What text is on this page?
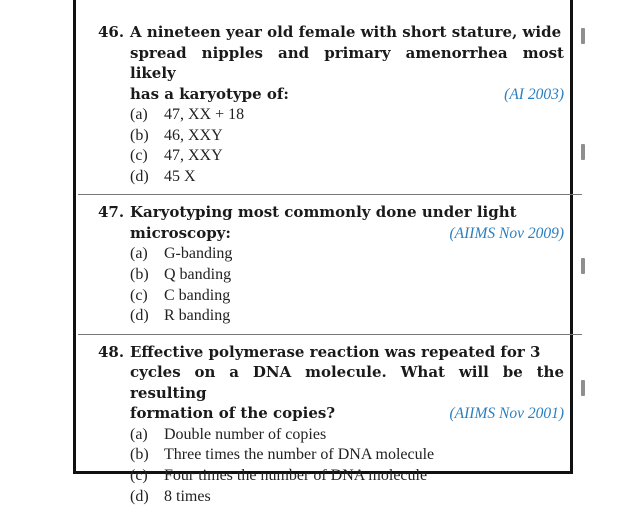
46. A nineteen year old female with short stature, wide
spread nipples and primary amenorrhea most likely
has a karyotype of:	(AI 2003)
(a)	47, XX + 18
(b) 46, XXY
(c)	47, XXY
(d) 45 X
47. Karyotyping most commonly done under light
microscopy:	(AIIMS Nov 2009)
(a)	G-banding
(b) Q banding
(c)	C banding
(d) R banding
48. Effective polymerase reaction was repeated for 3
cycles on a DNA molecule. What will be the resulting
formation of the copies?	(AIIMS Nov 2001)
(a)	Double number of copies
(b) Three times the number of DNA molecule
(c)	Four times the number of DNA molecule
(d) 8 times
